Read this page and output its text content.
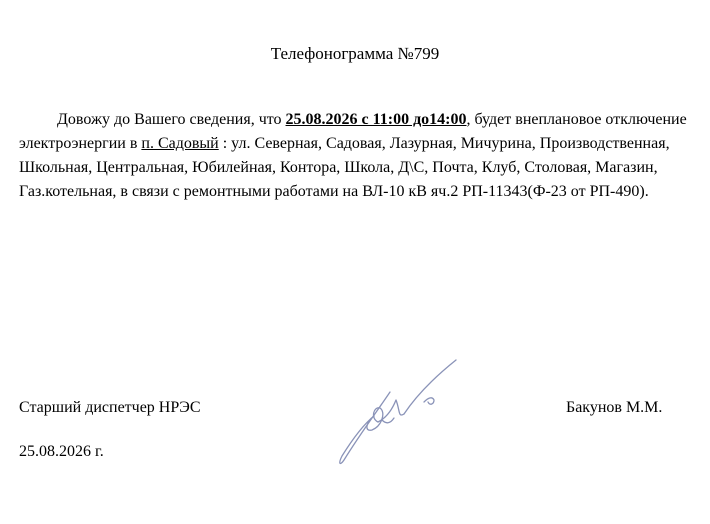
Телефонограмма №799

Довожу до Вашего сведения, что 25.08.2026 с 11:00 до14:00, будет внеплановое отключение электроэнергии в п. Садовый : ул. Северная, Садовая, Лазурная, Мичурина, Производственная, Школьная, Центральная, Юбилейная, Контора, Школа, Д\С, Почта, Клуб, Столовая, Магазин, Газ.котельная, в связи с ремонтными работами на ВЛ-10 кВ яч.2 РП-11343(Ф-23 от РП-490).

Старший диспетчер НРЭС	Бакунов М.М.
25.08.2026 г.
